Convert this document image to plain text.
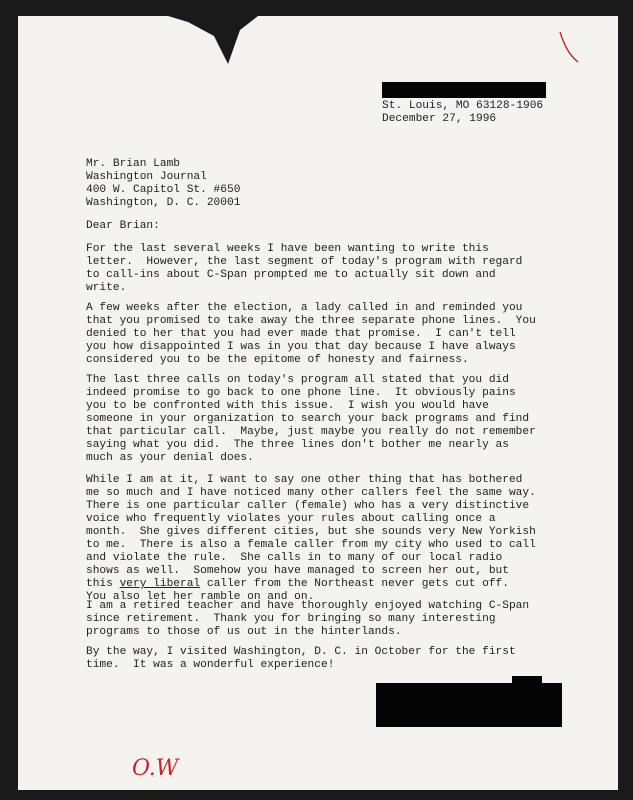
St. Louis, MO 63128-1906
December 27, 1996
Mr. Brian Lamb
Washington Journal
400 W. Capitol St. #650
Washington, D. C. 20001
Dear Brian:
For the last several weeks I have been wanting to write this
letter.  However, the last segment of today's program with regard
to call-ins about C-Span prompted me to actually sit down and
write.
A few weeks after the election, a lady called in and reminded you
that you promised to take away the three separate phone lines.  You
denied to her that you had ever made that promise.  I can't tell
you how disappointed I was in you that day because I have always
considered you to be the epitome of honesty and fairness.
The last three calls on today's program all stated that you did
indeed promise to go back to one phone line.  It obviously pains
you to be confronted with this issue.  I wish you would have
someone in your organization to search your back programs and find
that particular call.  Maybe, just maybe you really do not remember
saying what you did.  The three lines don't bother me nearly as
much as your denial does.
While I am at it, I want to say one other thing that has bothered
me so much and I have noticed many other callers feel the same way.
There is one particular caller (female) who has a very distinctive
voice who frequently violates your rules about calling once a
month.  She gives different cities, but she sounds very New Yorkish
to me.  There is also a female caller from my city who used to call
and violate the rule.  She calls in to many of our local radio
shows as well.  Somehow you have managed to screen her out, but
this very liberal caller from the Northeast never gets cut off.
You also let her ramble on and on.
I am a retired teacher and have thoroughly enjoyed watching C-Span
since retirement.  Thank you for bringing so many interesting
programs to those of us out in the hinterlands.
By the way, I visited Washington, D. C. in October for the first
time.  It was a wonderful experience!
O.W
